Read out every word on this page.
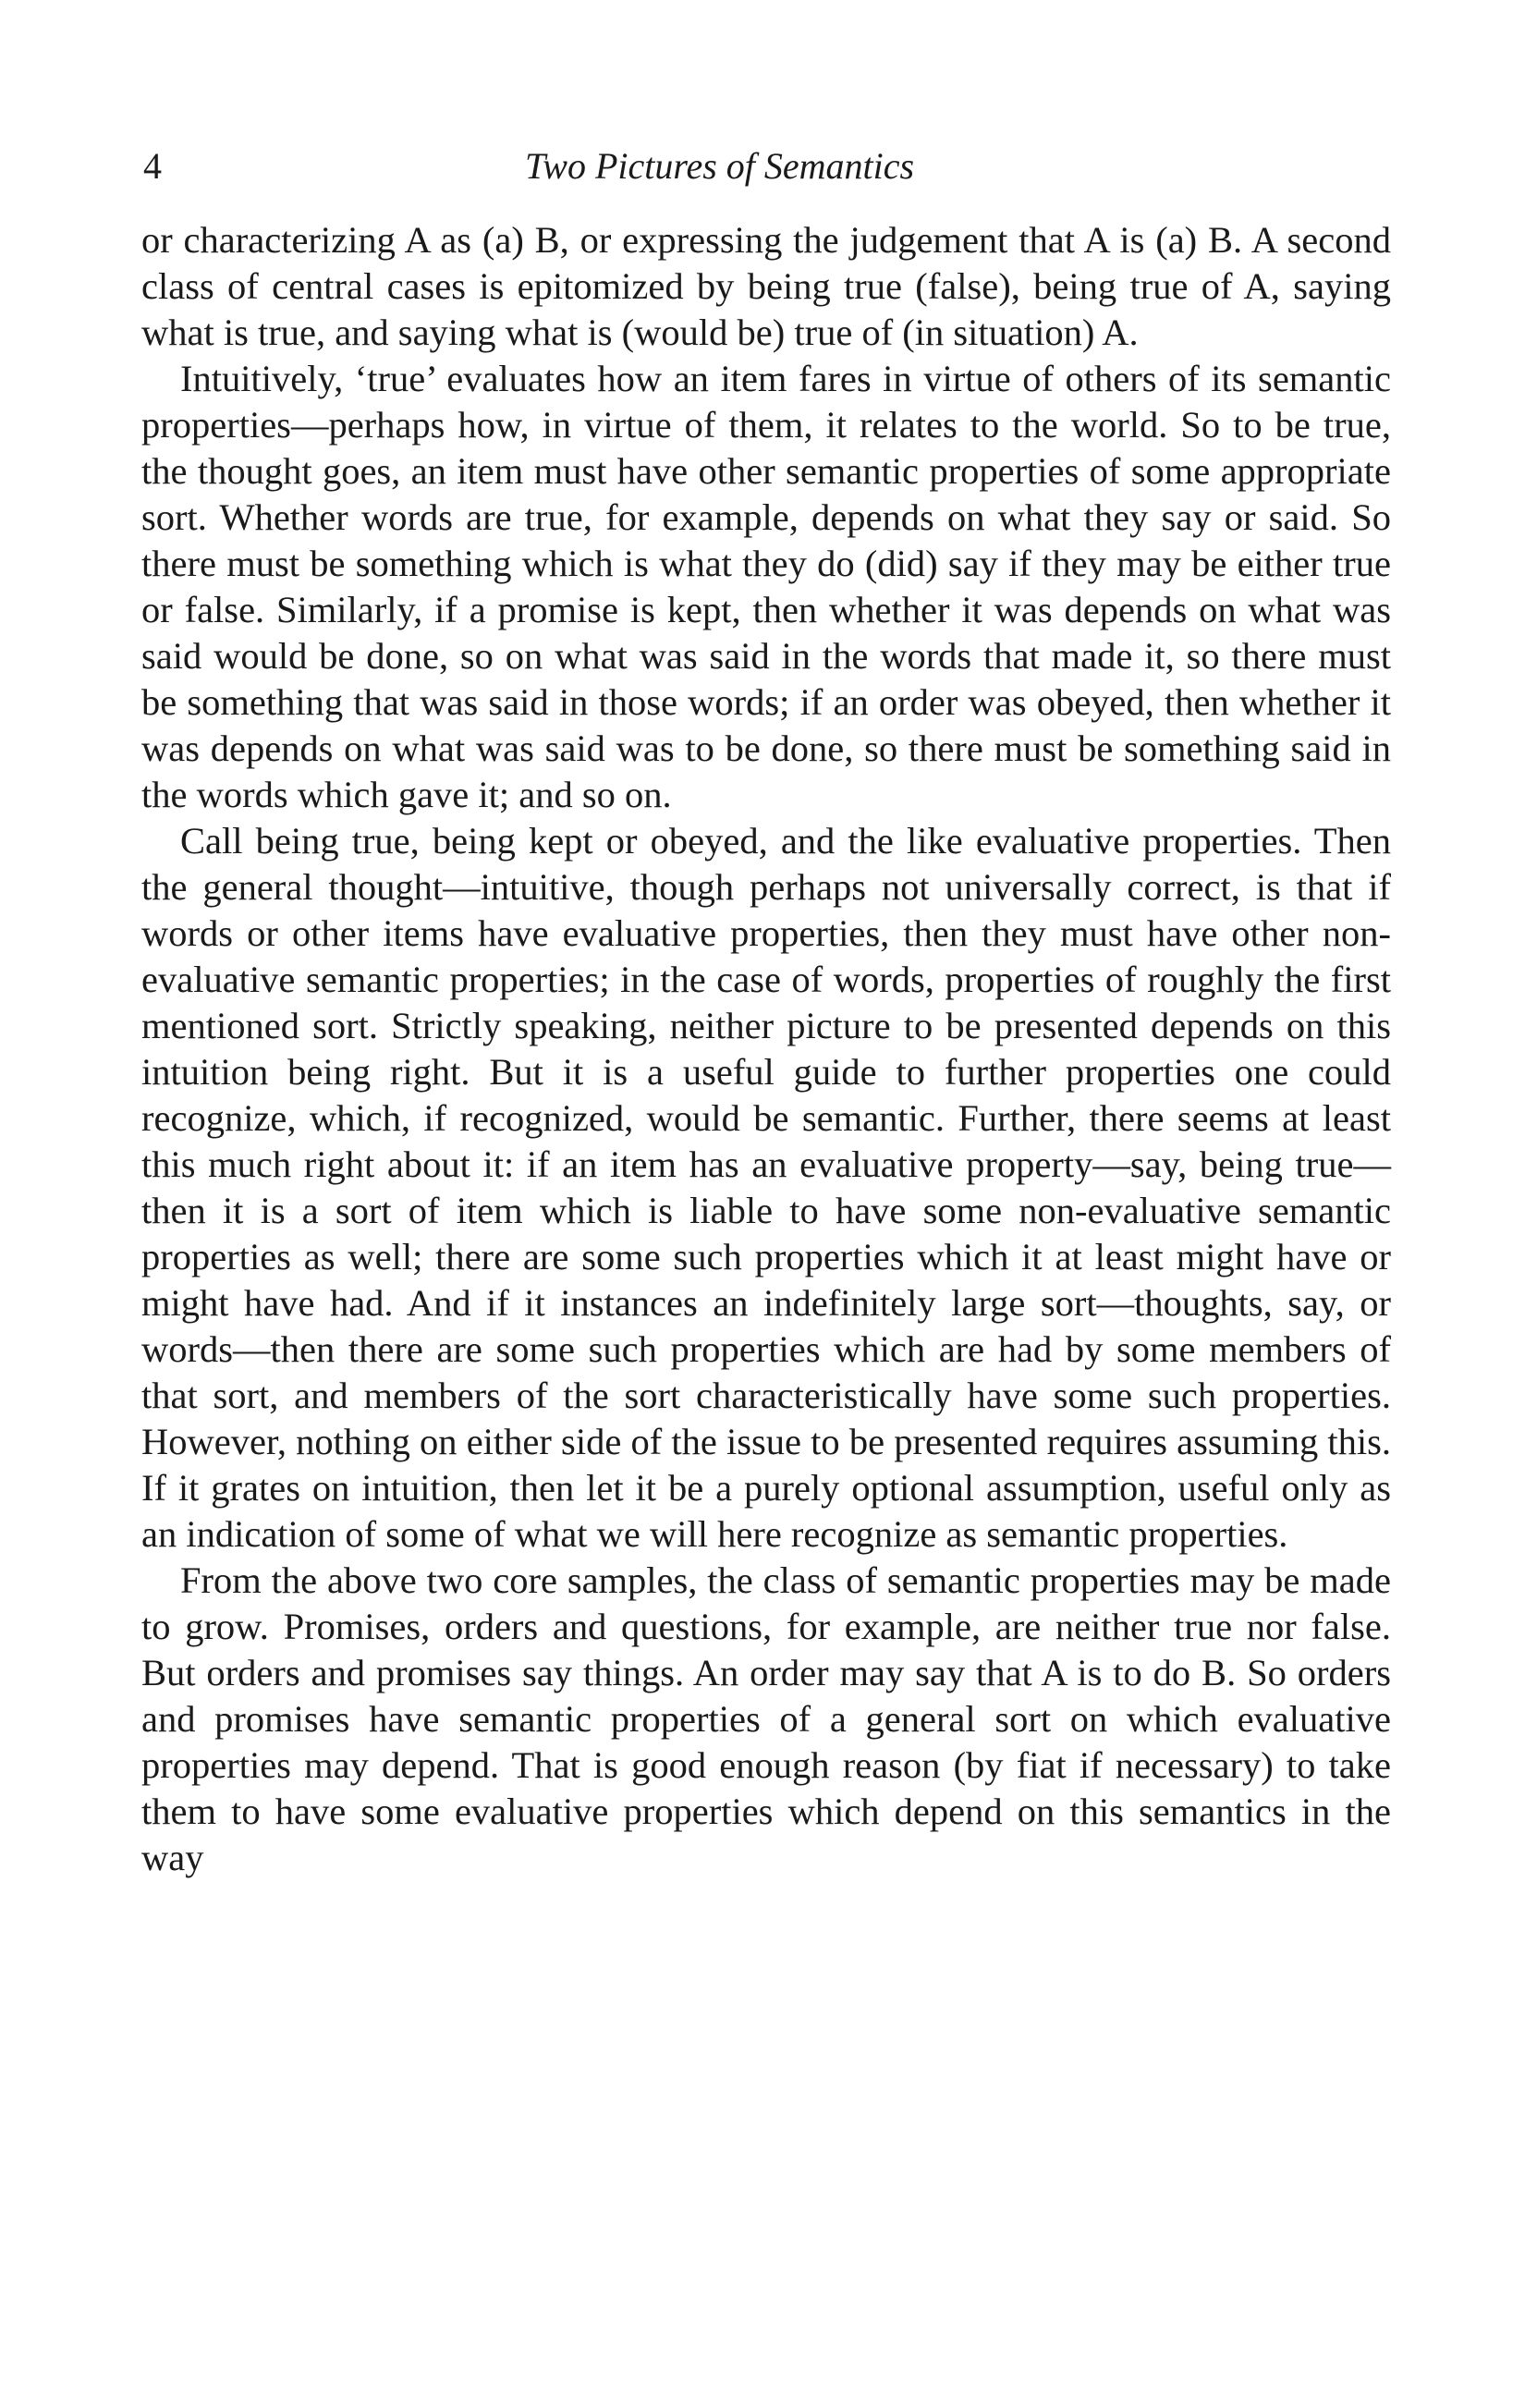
4	Two Pictures of Semantics

or characterizing A as (a) B, or expressing the judgement that A is (a) B. A second class of central cases is epitomized by being true (false), being true of A, saying what is true, and saying what is (would be) true of (in situation) A.

Intuitively, ‘true’ evaluates how an item fares in virtue of others of its semantic properties—perhaps how, in virtue of them, it relates to the world. So to be true, the thought goes, an item must have other semantic properties of some appropriate sort. Whether words are true, for example, depends on what they say or said. So there must be something which is what they do (did) say if they may be either true or false. Similarly, if a promise is kept, then whether it was depends on what was said would be done, so on what was said in the words that made it, so there must be something that was said in those words; if an order was obeyed, then whether it was depends on what was said was to be done, so there must be something said in the words which gave it; and so on.

Call being true, being kept or obeyed, and the like evaluative properties. Then the general thought—intuitive, though perhaps not universally correct, is that if words or other items have evaluative properties, then they must have other non-evaluative semantic properties; in the case of words, properties of roughly the first mentioned sort. Strictly speaking, neither picture to be presented depends on this intuition being right. But it is a useful guide to further properties one could recognize, which, if recognized, would be semantic. Further, there seems at least this much right about it: if an item has an evaluative property—say, being true—then it is a sort of item which is liable to have some non-evaluative semantic properties as well; there are some such properties which it at least might have or might have had. And if it instances an indefinitely large sort—thoughts, say, or words—then there are some such properties which are had by some members of that sort, and members of the sort characteristically have some such properties. However, nothing on either side of the issue to be presented requires assuming this. If it grates on intuition, then let it be a purely optional assumption, useful only as an indication of some of what we will here recognize as semantic properties.

From the above two core samples, the class of semantic properties may be made to grow. Promises, orders and questions, for example, are neither true nor false. But orders and promises say things. An order may say that A is to do B. So orders and promises have semantic properties of a general sort on which evaluative properties may depend. That is good enough reason (by fiat if necessary) to take them to have some evaluative properties which depend on this semantics in the way
